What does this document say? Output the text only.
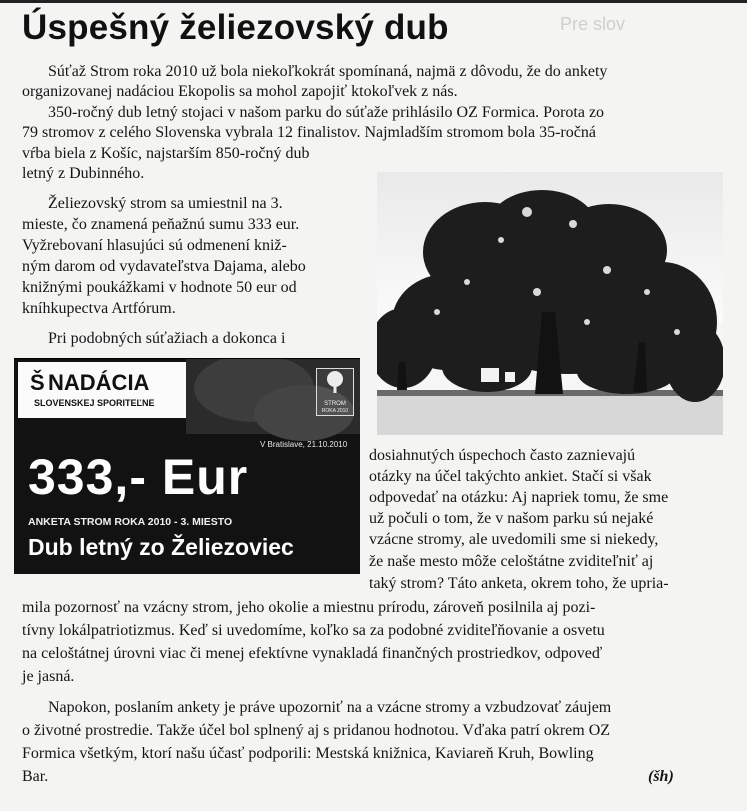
Pre slov
Úspešný želiezovský dub
Súťaž Strom roka 2010 už bola niekoľkokrát spomínaná, najmä z dôvodu, že do ankety
organizovanej nadáciou Ekopolis sa mohol zapojiť ktokoľvek z nás.
350-ročný dub letný stojaci v našom parku do súťaže prihlásilo OZ Formica. Porota zo
79 stromov z celého Slovenska vybrala 12 finalistov. Najmladším stromom bola 35-ročná
vŕba biela z Košíc, najstarším 850-ročný dub
letný z Dubinného.
Želiezovský strom sa umiestnil na 3.
mieste, čo znamená peňažnú sumu 333 eur.
Vyžrebovaní hlasujúci sú odmenení kniž-
ným darom od vydavateľstva Dajama, alebo
knižnými poukážkami v hodnote 50 eur od
kníhkupectva Artfórum.
Pri podobných súťažiach a dokonca i
dosiahnutých úspechoch často zaznievajú
otázky na účel takýchto ankiet. Stačí si však
odpovedať na otázku: Aj napriek tomu, že sme
už počuli o tom, že v našom parku sú nejaké
vzácne stromy, ale uvedomili sme si niekedy,
že naše mesto môže celoštátne zviditeľniť aj
taký strom? Táto anketa, okrem toho, že upria-
mila pozornosť na vzácny strom, jeho okolie a miestnu prírodu, zároveň posilnila aj pozi-
tívny lokálpatriotizmus. Keď si uvedomíme, koľko sa za podobné zviditeľňovanie a osvetu
na celoštátnej úrovni viac či menej efektívne vynakladá finančných prostriedkov, odpoveď
je jasná.
Napokon, poslaním ankety je práve upozorniť na a vzácne stromy a vzbudzovať záujem
o životné prostredie. Takže účel bol splnený aj s pridanou hodnotou. Vďaka patrí okrem OZ
Formica všetkým, ktorí našu účasť podporili: Mestská knižnica, Kaviareň Kruh, Bowling
Bar.	(šh)
Š NADÁCIA
SLOVENSKEJ SPORITEĽNE	STROM
ROKA 2010
V Bratislave, 21.10.2010
333,- Eur
ANKETA STROM ROKA 2010 - 3. MIESTO
Dub letný zo Želiezoviec
